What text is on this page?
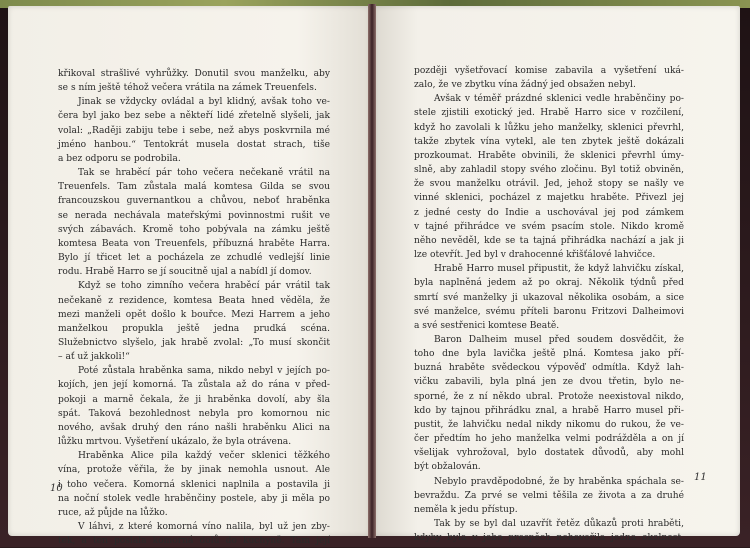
křikoval strašlivé vyhrůžky. Donutil svou manželku, aby
se s ním ještě téhož večera vrátila na zámek Treuenfels.
Jinak se vždycky ovládal a byl klidný, avšak toho ve-
čera byl jako bez sebe a někteří lidé zřetelně slyšeli, jak
volal: „Raději zabiju tebe i sebe, než abys poskvrnila mé
jméno hanbou.“ Tentokrát musela dostat strach, tiše
a bez odporu se podrobila.
Tak se hraběcí pár toho večera nečekaně vrátil na
Treuenfels. Tam zůstala malá komtesa Gilda se svou
francouzskou guvernantkou a chůvou, neboť hraběnka
se nerada nechávala mateřskými povinnostmi rušit ve
svých zábavách. Kromě toho pobývala na zámku ještě
komtesa Beata von Treuenfels, příbuzná hraběte Harra.
Bylo jí třicet let a pocházela ze zchudlé vedlejší linie
rodu. Hrabě Harro se jí soucitně ujal a nabídl jí domov.
Když se toho zimního večera hraběcí pár vrátil tak
nečekaně z rezidence, komtesa Beata hned věděla, že
mezi manželi opět došlo k bouřce. Mezi Harrem a jeho
manželkou propukla ještě jedna prudká scéna.
Služebnictvo slyšelo, jak hrabě zvolal: „To musí skončit
– ať už jakkoli!“
Poté zůstala hraběnka sama, nikdo nebyl v jejích po-
kojích, jen její komorná. Ta zůstala až do rána v před-
pokoji a marně čekala, že ji hraběnka dovolí, aby šla
spát. Taková bezohlednost nebyla pro komornou nic
nového, avšak druhý den ráno našli hraběnku Alici na
lůžku mrtvou. Vyšetření ukázalo, že byla otrávena.
Hraběnka Alice pila každý večer sklenici těžkého
vína, protože věřila, že by jinak nemohla usnout. Ale
i toho večera. Komorná sklenici naplnila a postavila ji
na noční stolek vedle hraběnčiny postele, aby ji měla po
ruce, až půjde na lůžko.
V láhvi, z které komorná víno nalila, byl už jen zby-
tek, a ten poslala komorná dolů do kuchyně. Tam její
později vyšetřovací komise zabavila a vyšetření uká-
zalo, že ve zbytku vína žádný jed obsažen nebyl.
Avšak v téměř prázdné sklenici vedle hraběnčiny po-
stele zjistili exotický jed. Hrabě Harro sice v rozčilení,
když ho zavolali k lůžku jeho manželky, sklenici převrhl,
takže zbytek vína vytekl, ale ten zbytek ještě dokázali
prozkoumat. Hraběte obvinili, že sklenici převrhl úmy-
slně, aby zahladil stopy svého zločinu. Byl totiž obviněn,
že svou manželku otrávil. Jed, jehož stopy se našly ve
vinné sklenici, pocházel z majetku hraběte. Přivezl jej
z jedné cesty do Indie a uschovával jej pod zámkem
v tajné přihrádce ve svém psacím stole. Nikdo kromě
něho nevěděl, kde se ta tajná přihrádka nachází a jak ji
lze otevřít. Jed byl v drahocenné křišťálové lahvičce.
Hrabě Harro musel připustit, že když lahvičku získal,
byla naplněná jedem až po okraj. Několik týdnů před
smrtí své manželky ji ukazoval několika osobám, a sice
své manželce, svému příteli baronu Fritzovi Dalheimovi
a své sestřenici komtese Beatě.
Baron Dalheim musel před soudem dosvědčit, že
toho dne byla lavička ještě plná. Komtesa jako pří-
buzná hraběte svědeckou výpověď odmítla. Když lah-
vičku zabavili, byla plná jen ze dvou třetin, bylo ne-
sporné, že z ní někdo ubral. Protože neexistoval nikdo,
kdo by tajnou přihrádku znal, a hrabě Harro musel při-
pustit, že lahvičku nedal nikdy nikomu do rukou, že ve-
čer předtím ho jeho manželka velmi podrážděla a on jí
všelijak vyhrožoval, bylo dostatek důvodů, aby mohl
být obžalován.
Nebylo pravděpodobné, že by hraběnka spáchala se-
bevraždu. Za prvé se velmi těšila ze života a za druhé
neměla k jedu přístup.
Tak by se byl dal uzavřít řetěz důkazů proti hraběti,
kdyby byla v jeho prospěch nehovořila jedna okolnost.
10
11
